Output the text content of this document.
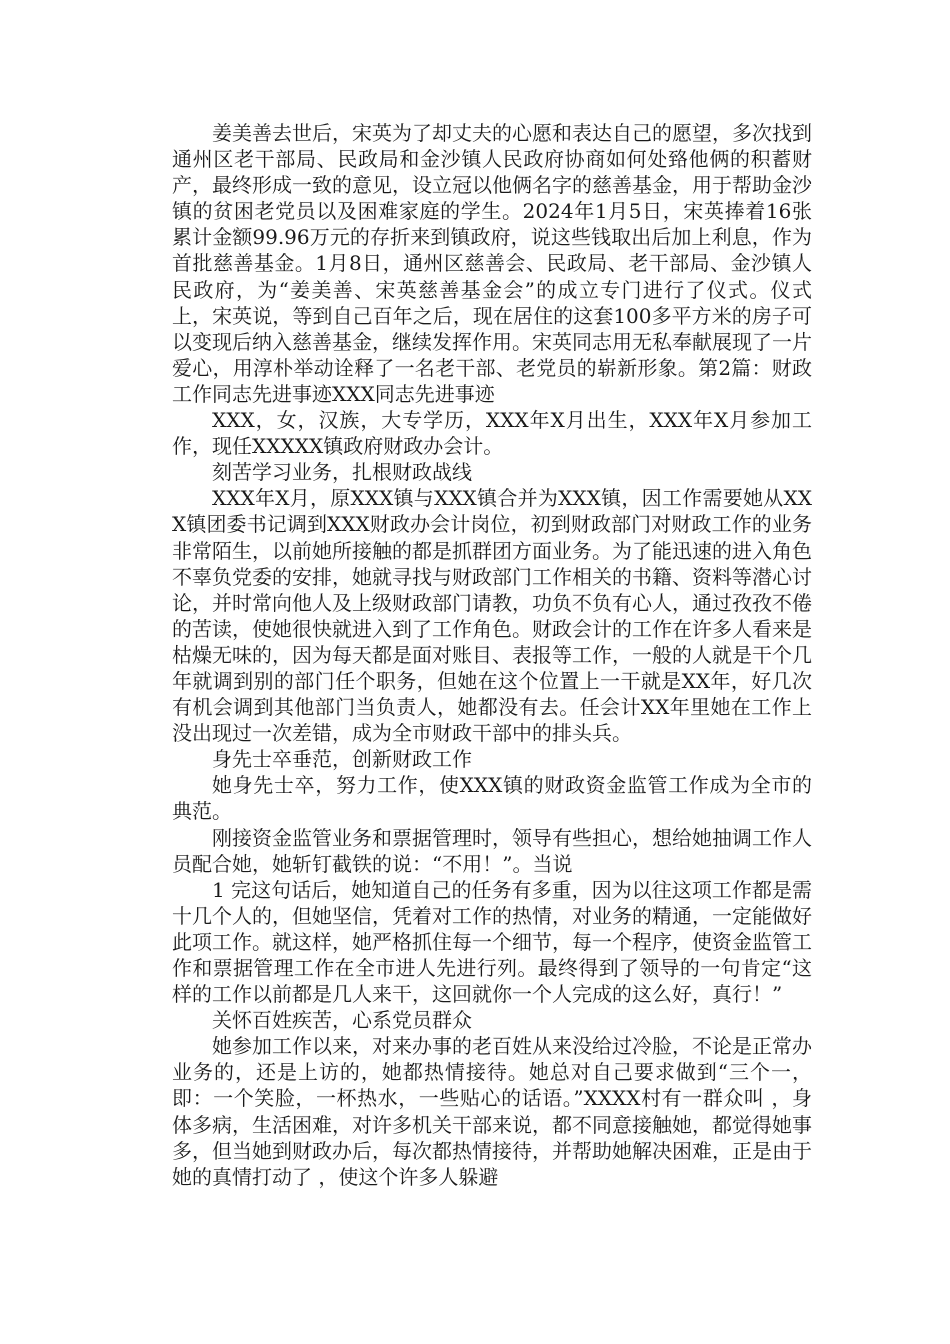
姜美善去世后，宋英为了却丈夫的心愿和表达自己的愿望，多次找到通州区老干部局、民政局和金沙镇人民政府协商如何处臵他俩的积蓄财产，最终形成一致的意见，设立冠以他俩名字的慈善基金，用于帮助金沙镇的贫困老党员以及困难家庭的学生。2024年1月5日，宋英捧着16张累计金额99.96万元的存折来到镇政府，说这些钱取出后加上利息，作为首批慈善基金。1月8日，通州区慈善会、民政局、老干部局、金沙镇人民政府，为“姜美善、宋英慈善基金会”的成立专门进行了仪式。仪式上，宋英说，等到自己百年之后，现在居住的这套100多平方米的房子可以变现后纳入慈善基金，继续发挥作用。宋英同志用无私奉献展现了一片爱心，用淳朴举动诠释了一名老干部、老党员的崭新形象。第2篇：财政工作同志先进事迹XXX同志先进事迹

XXX，女，汉族，大专学历，XXX年X月出生，XXX年X月参加工作，现任XXXXX镇政府财政办会计。

刻苦学习业务，扎根财政战线

XXX年X月，原XXX镇与XXX镇合并为XXX镇，因工作需要她从XXX镇团委书记调到XXX财政办会计岗位，初到财政部门对财政工作的业务非常陌生，以前她所接触的都是抓群团方面业务。为了能迅速的进入角色不辜负党委的安排，她就寻找与财政部门工作相关的书籍、资料等潜心讨论，并时常向他人及上级财政部门请教，功负不负有心人，通过孜孜不倦的苦读，使她很快就进入到了工作角色。财政会计的工作在许多人看来是枯燥无味的，因为每天都是面对账目、表报等工作，一般的人就是干个几年就调到别的部门任个职务，但她在这个位置上一干就是XX年，好几次有机会调到其他部门当负责人，她都没有去。任会计XX年里她在工作上没出现过一次差错，成为全市财政干部中的排头兵。

身先士卒垂范，创新财政工作

她身先士卒，努力工作，使XXX镇的财政资金监管工作成为全市的典范。

刚接资金监管业务和票据管理时，领导有些担心，想给她抽调工作人员配合她，她斩钉截铁的说：“不用！”。当说

1 完这句话后，她知道自己的任务有多重，因为以往这项工作都是需十几个人的，但她坚信，凭着对工作的热情，对业务的精通，一定能做好此项工作。就这样，她严格抓住每一个细节，每一个程序，使资金监管工作和票据管理工作在全市进人先进行列。最终得到了领导的一句肯定“这样的工作以前都是几人来干，这回就你一个人完成的这么好，真行！”

关怀百姓疾苦，心系党员群众

她参加工作以来，对来办事的老百姓从来没给过冷脸，不论是正常办业务的，还是上访的，她都热情接待。她总对自己要求做到“三个一，即：一个笑脸，一杯热水，一些贴心的话语。”XXXX村有一群众叫 ，身体多病，生活困难，对许多机关干部来说，都不同意接触她，都觉得她事多，但当她到财政办后，每次都热情接待，并帮助她解决困难，正是由于她的真情打动了 ，使这个许多人躲避
